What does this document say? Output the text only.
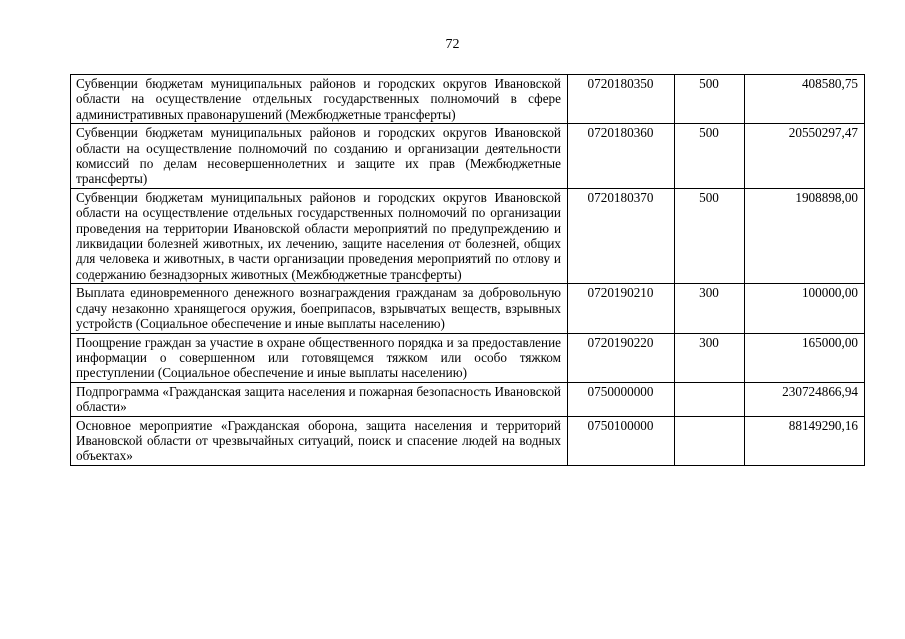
72
Субвенции бюджетам муниципальных районов и городских округов Ивановской области на осуществление отдельных государственных полномочий в сфере административных правонарушений (Межбюджетные трансферты)	0720180350	500	408580,75
Субвенции бюджетам муниципальных районов и городских округов Ивановской области на осуществление полномочий по созданию и организации деятельности комиссий по делам несовершеннолетних и защите их прав (Межбюджетные трансферты)	0720180360	500	20550297,47
Субвенции бюджетам муниципальных районов и городских округов Ивановской области на осуществление отдельных государственных полномочий по организации проведения на территории Ивановской области мероприятий по предупреждению и ликвидации болезней животных, их лечению, защите населения от болезней, общих для человека и животных, в части организации проведения мероприятий по отлову и содержанию безнадзорных животных (Межбюджетные трансферты)	0720180370	500	1908898,00
Выплата единовременного денежного вознаграждения гражданам за добровольную сдачу незаконно хранящегося оружия, боеприпасов, взрывчатых веществ, взрывных устройств (Социальное обеспечение и иные выплаты населению)	0720190210	300	100000,00
Поощрение граждан за участие в охране общественного порядка и за предоставление информации о совершенном или готовящемся тяжком или особо тяжком преступлении (Социальное обеспечение и иные выплаты населению)	0720190220	300	165000,00
Подпрограмма «Гражданская защита населения и пожарная безопасность Ивановской области»	0750000000		230724866,94
Основное мероприятие «Гражданская оборона, защита населения и территорий Ивановской области от чрезвычайных ситуаций, поиск и спасение людей на водных объектах»	0750100000		88149290,16
